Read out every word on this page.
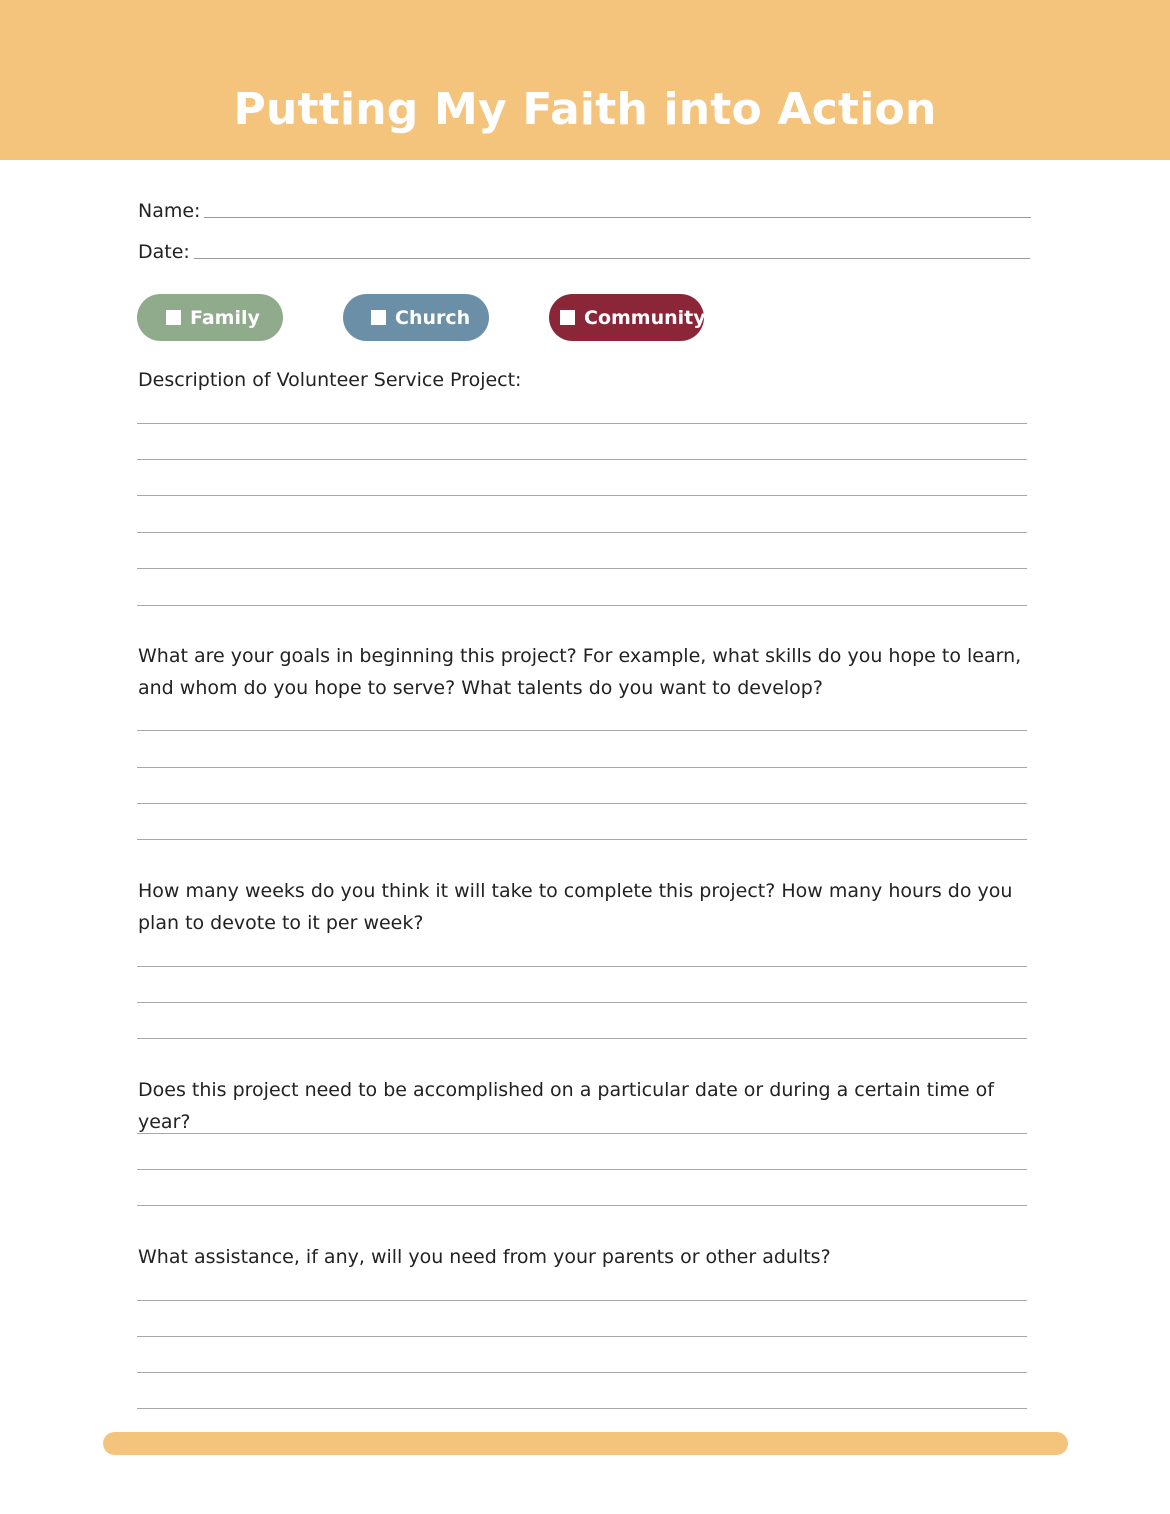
Putting My Faith into Action
Name:
Date:
Family	Church	Community
Description of Volunteer Service Project:
What are your goals in beginning this project? For example, what skills do you hope to learn, and whom do you hope to serve? What talents do you want to develop?
How many weeks do you think it will take to complete this project? How many hours do you plan to devote to it per week?
Does this project need to be accomplished on a particular date or during a certain time of year?
What assistance, if any, will you need from your parents or other adults?
